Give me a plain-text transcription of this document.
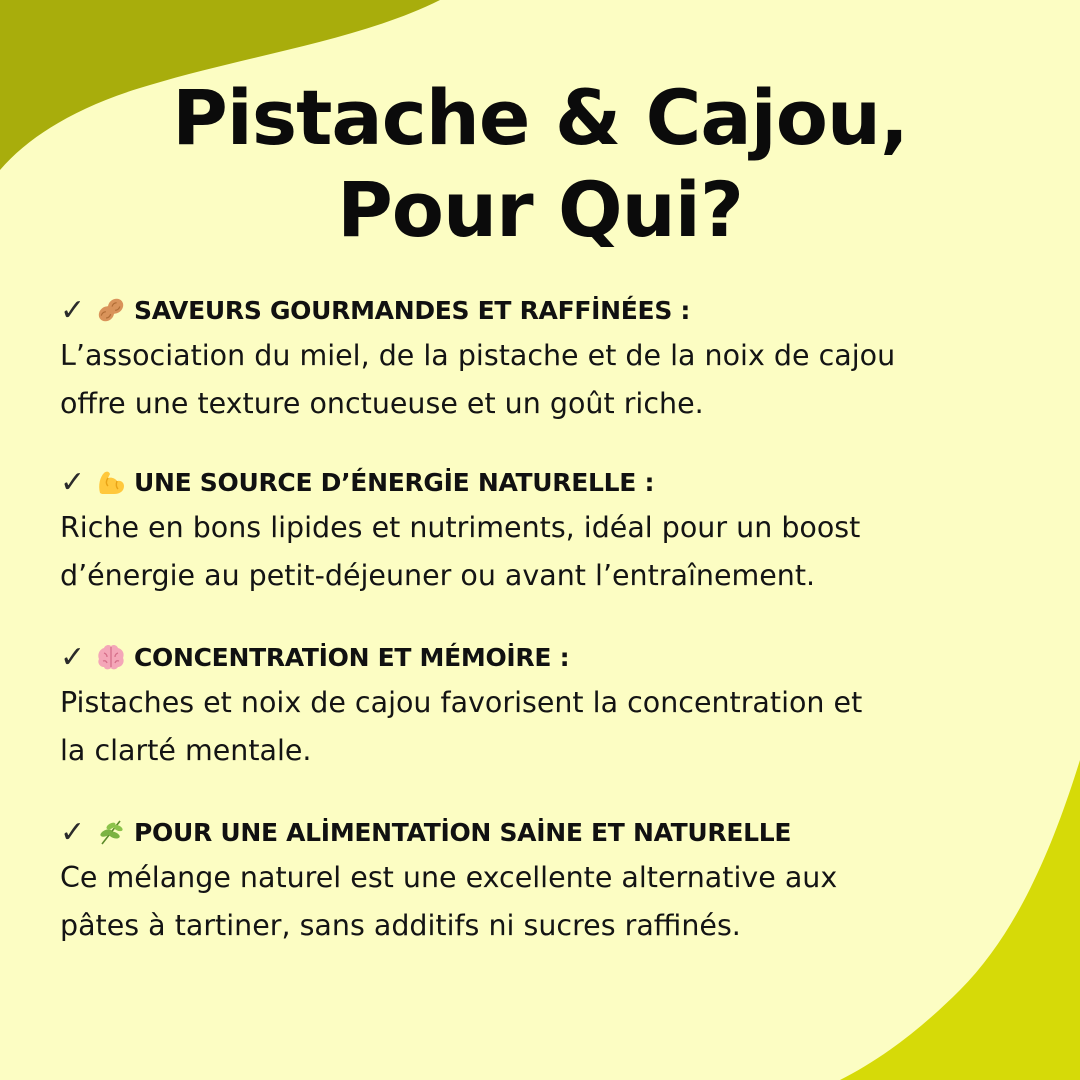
Pistache & Cajou,
Pour Qui?
✓	SAVEURS GOURMANDES ET RAFFİNÉES :
L’association du miel, de la pistache et de la noix de cajou
offre une texture onctueuse et un goût riche.
✓	UNE SOURCE D’ÉNERGİE NATURELLE :
Riche en bons lipides et nutriments, idéal pour un boost
d’énergie au petit-déjeuner ou avant l’entraînement.
✓	CONCENTRATİON ET MÉMOİRE :
Pistaches et noix de cajou favorisent la concentration et
la clarté mentale.
✓	POUR UNE ALİMENTATİON SAİNE ET NATURELLE
Ce mélange naturel est une excellente alternative aux
pâtes à tartiner, sans additifs ni sucres raffinés.
